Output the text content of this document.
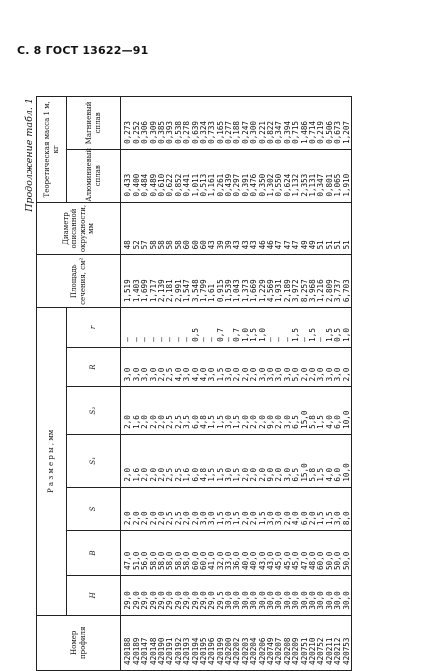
С. 8 ГОСТ 13622—91
Продолжение табл. 1
Номер профиля	Р а з м е р ы , мм							Площадь сечения, см²	Диаметр описанной окружности, мм	Теоретическая масса 1 м, кг	
	H	B	S	S₁	S₂	R	r			Алюминиевый сплав	Магниевый сплав
420188	29,0	47,0	2,0	2,0	2,0	3,0	—	1,519	48	0,433	0,273
420189	29,0	51,0	2,0	1,6	1,6	3,0	—	1,403	52	0,400	0,252
420147	29,0	56,0	2,0	2,0	2,0	3,0	—	1,699	57	0,484	0,306
420148	29,0	58,0	2,0	2,0	2,0	3,0	—	1,717	58	0,489	0,309
420190	29,0	58,0	2,0	2,0	2,0	2,0	—	2,139	58	0,610	0,385
420191	29,0	58,0	2,5	2,5	2,5	2,5	—	2,181	58	0,622	0,393
420192	29,0	58,0	2,5	2,5	2,5	4,0	—	2,991	58	0,852	0,538
420193	29,0	58,0	2,0	1,6	3,5	3,0	—	1,547	60	0,441	0,278
420194	29,0	60,0	2,0	6,0	6,0	4,0	0,5	3,548	60	1,011	0,639
420195	29,0	60,0	3,0	4,8	4,8	4,0	—	1,799	60	0,513	0,324
420196	29,0	41,0	3,0	1,5	1,5	3,0	—	1,61	43	1,161	0,733
420199	29,5	32,0	1,5	1,5	1,5	1,5	0,7	0,915	39	0,261	0,165
420200	30,0	33,0	3,0	3,0	3,0	3,0	—	1,539	39	0,439	0,277
420202	30,0	36,0	1,5	1,5	1,5	2,0	0,7	1,043	43	0,297	0,188
420203	30,0	40,0	2,0	2,0	2,0	2,0	1,0	1,373	43	0,391	0,247
420204	30,0	40,0	2,0	2,0	2,0	2,0	1,5	1,669	43	0,476	0,300
420206	30,0	43,0	1,5	2,0	2,0	3,0	1,0	1,229	46	0,350	0,221
420749	30,0	43,0	3,0	9,0	9,0	3,0	—	4,569	46	1,302	0,822
420207	30,0	45,0	3,0	2,0	2,0	3,0	—	1,931	47	0,550	0,347
420208	30,0	45,0	2,0	3,0	3,0	3,0	—	2,189	47	0,624	0,394
420209	30,0	45,0	4,0	6,5	6,5	5,0	1,5	3,972	47	1,132	0,715
420751	30,0	47,0	6,0	15,0	15,0	2,0	—	8,257	49	2,353	1,486
420210	30,0	48,0	2,0	5,8	5,8	2,0	1,5	3,968	49	1,131	0,714
420752	30,0	60,0	1,5	1,5	1,5	3,0	—	1,216	51	0,347	0,219
420211	30,0	50,0	1,5	4,0	4,0	3,0	1,5	2,809	51	0,801	0,506
420212	30,0	50,0	3,0	6,0	6,0	3,0	0,5	3,737	51	1,065	0,673
420753	30,0	50,0	8,0	10,0	10,0	2,0	1,0	6,703	51	1,910	1,207
